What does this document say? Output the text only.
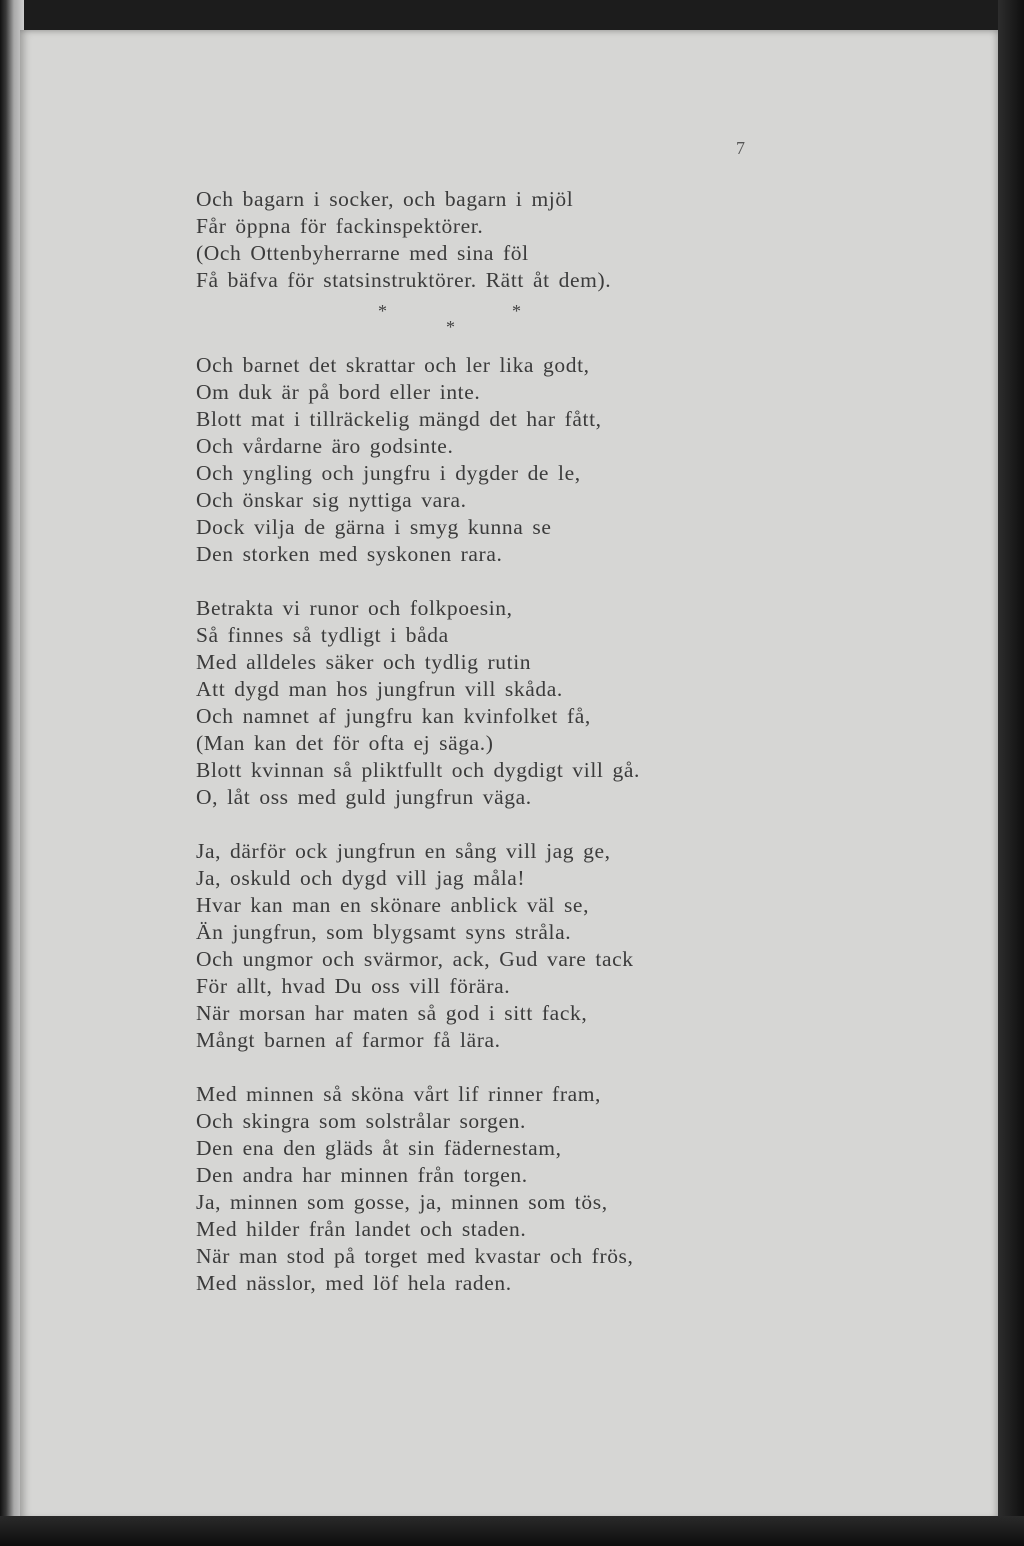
7
Och bagarn i socker, och bagarn i mjöl
Får öppna för fackinspektörer.
(Och Ottenbyherrarne med sina föl
Få bäfva för statsinstruktörer. Rätt åt dem).
*	*
*
Och barnet det skrattar och ler lika godt,
Om duk är på bord eller inte.
Blott mat i tillräckelig mängd det har fått,
Och vårdarne äro godsinte.
Och yngling och jungfru i dygder de le,
Och önskar sig nyttiga vara.
Dock vilja de gärna i smyg kunna se
Den storken med syskonen rara.
Betrakta vi runor och folkpoesin,
Så finnes så tydligt i båda
Med alldeles säker och tydlig rutin
Att dygd man hos jungfrun vill skåda.
Och namnet af jungfru kan kvinfolket få,
(Man kan det för ofta ej säga.)
Blott kvinnan så pliktfullt och dygdigt vill gå.
O, låt oss med guld jungfrun väga.
Ja, därför ock jungfrun en sång vill jag ge,
Ja, oskuld och dygd vill jag måla!
Hvar kan man en skönare anblick väl se,
Än jungfrun, som blygsamt syns stråla.
Och ungmor och svärmor, ack, Gud vare tack
För allt, hvad Du oss vill förära.
När morsan har maten så god i sitt fack,
Mångt barnen af farmor få lära.
Med minnen så sköna vårt lif rinner fram,
Och skingra som solstrålar sorgen.
Den ena den gläds åt sin fädernestam,
Den andra har minnen från torgen.
Ja, minnen som gosse, ja, minnen som tös,
Med hilder från landet och staden.
När man stod på torget med kvastar och frös,
Med nässlor, med löf hela raden.
